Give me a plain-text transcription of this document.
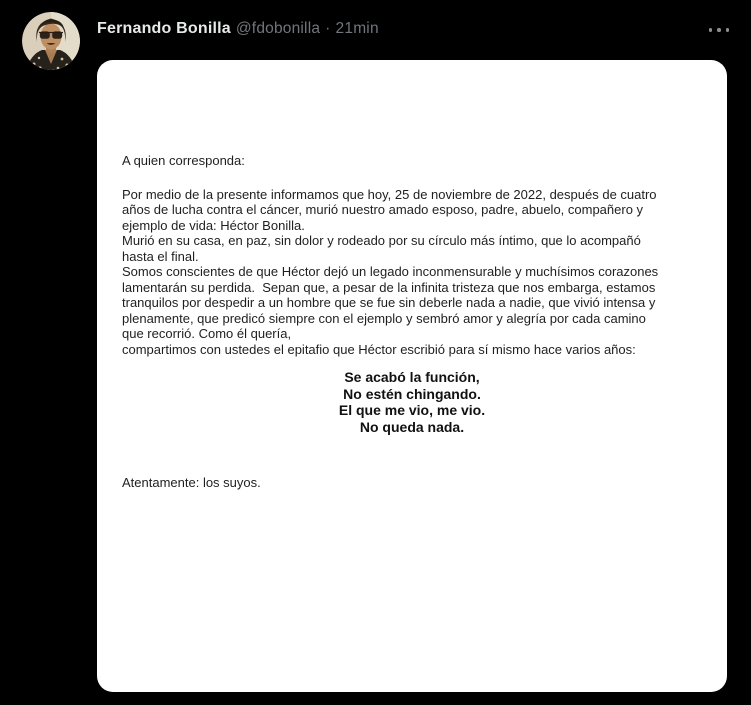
Fernando Bonilla @fdobonilla · 21min
A quien corresponda:
Por medio de la presente informamos que hoy, 25 de noviembre de 2022, después de cuatro
años de lucha contra el cáncer, murió nuestro amado esposo, padre, abuelo, compañero y
ejemplo de vida: Héctor Bonilla.
Murió en su casa, en paz, sin dolor y rodeado por su círculo más íntimo, que lo acompañó
hasta el final.
Somos conscientes de que Héctor dejó un legado inconmensurable y muchísimos corazones
lamentarán su perdida.  Sepan que, a pesar de la infinita tristeza que nos embarga, estamos
tranquilos por despedir a un hombre que se fue sin deberle nada a nadie, que vivió intensa y
plenamente, que predicó siempre con el ejemplo y sembró amor y alegría por cada camino
que recorrió. Como él quería,
compartimos con ustedes el epitafio que Héctor escribió para sí mismo hace varios años:
Se acabó la función,
No estén chingando.
El que me vio, me vio.
No queda nada.
Atentamente: los suyos.
